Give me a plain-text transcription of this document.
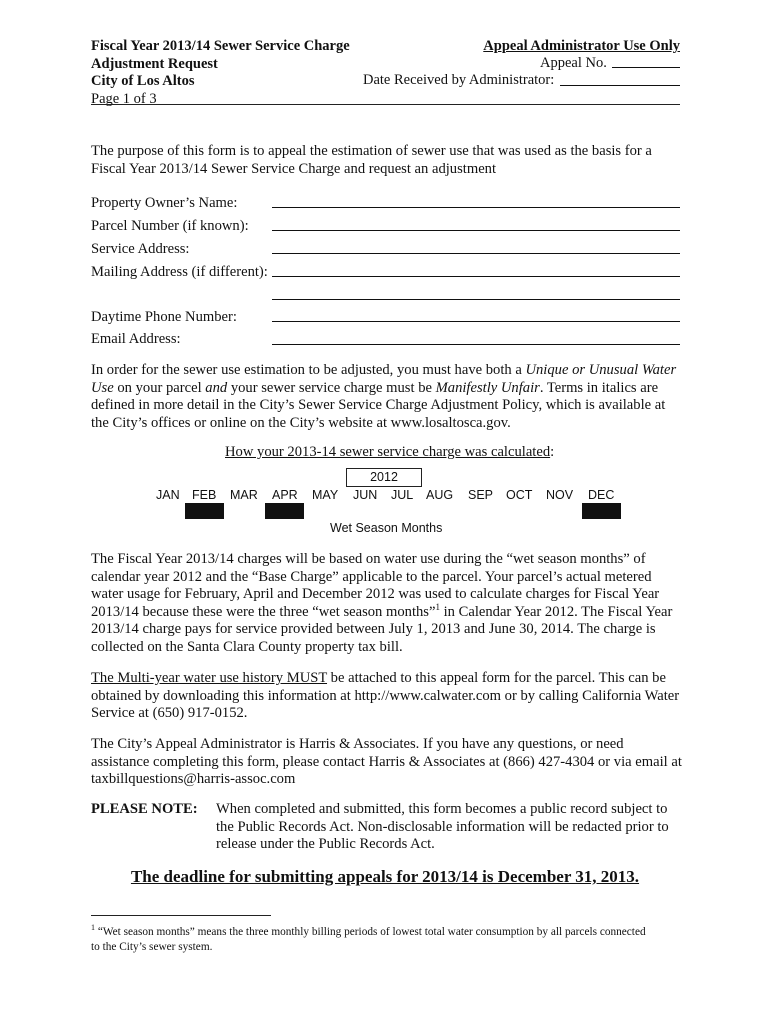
Fiscal Year 2013/14 Sewer Service Charge
Adjustment Request
City of Los Altos
Page 1 of 3
Appeal Administrator Use Only
Appeal No.
Date Received by Administrator:
The purpose of this form is to appeal the estimation of sewer use that was used as the basis for a Fiscal Year 2013/14 Sewer Service Charge and request an adjustment
Property Owner’s Name:
Parcel Number (if known):
Service Address:
Mailing Address (if different):
Daytime Phone Number:
Email Address:
In order for the sewer use estimation to be adjusted, you must have both a Unique or Unusual Water Use on your parcel and your sewer service charge must be Manifestly Unfair. Terms in italics are defined in more detail in the City’s Sewer Service Charge Adjustment Policy, which is available at the City’s offices or online on the City’s website at www.losaltosca.gov.
How your 2013-14 sewer service charge was calculated:
2012
JAN FEB MAR APR MAY JUN JUL AUG SEP OCT NOV DEC
Wet Season Months
The Fiscal Year 2013/14 charges will be based on water use during the “wet season months” of calendar year 2012 and the “Base Charge” applicable to the parcel. Your parcel’s actual metered water usage for February, April and December 2012 was used to calculate charges for Fiscal Year 2013/14 because these were the three “wet season months”$^1$ in Calendar Year 2012. The Fiscal Year 2013/14 charge pays for service provided between July 1, 2013 and June 30, 2014. The charge is collected on the Santa Clara County property tax bill.
The Multi-year water use history MUST be attached to this appeal form for the parcel. This can be obtained by downloading this information at http://www.calwater.com or by calling California Water Service at (650) 917-0152.
The City’s Appeal Administrator is Harris & Associates. If you have any questions, or need assistance completing this form, please contact Harris & Associates at (866) 427-4304 or via email at taxbillquestions@harris-assoc.com
PLEASE NOTE: When completed and submitted, this form becomes a public record subject to the Public Records Act. Non-disclosable information will be redacted prior to release under the Public Records Act.
The deadline for submitting appeals for 2013/14 is December 31, 2013.
$^1$ “Wet season months” means the three monthly billing periods of lowest total water consumption by all parcels connected to the City’s sewer system.
